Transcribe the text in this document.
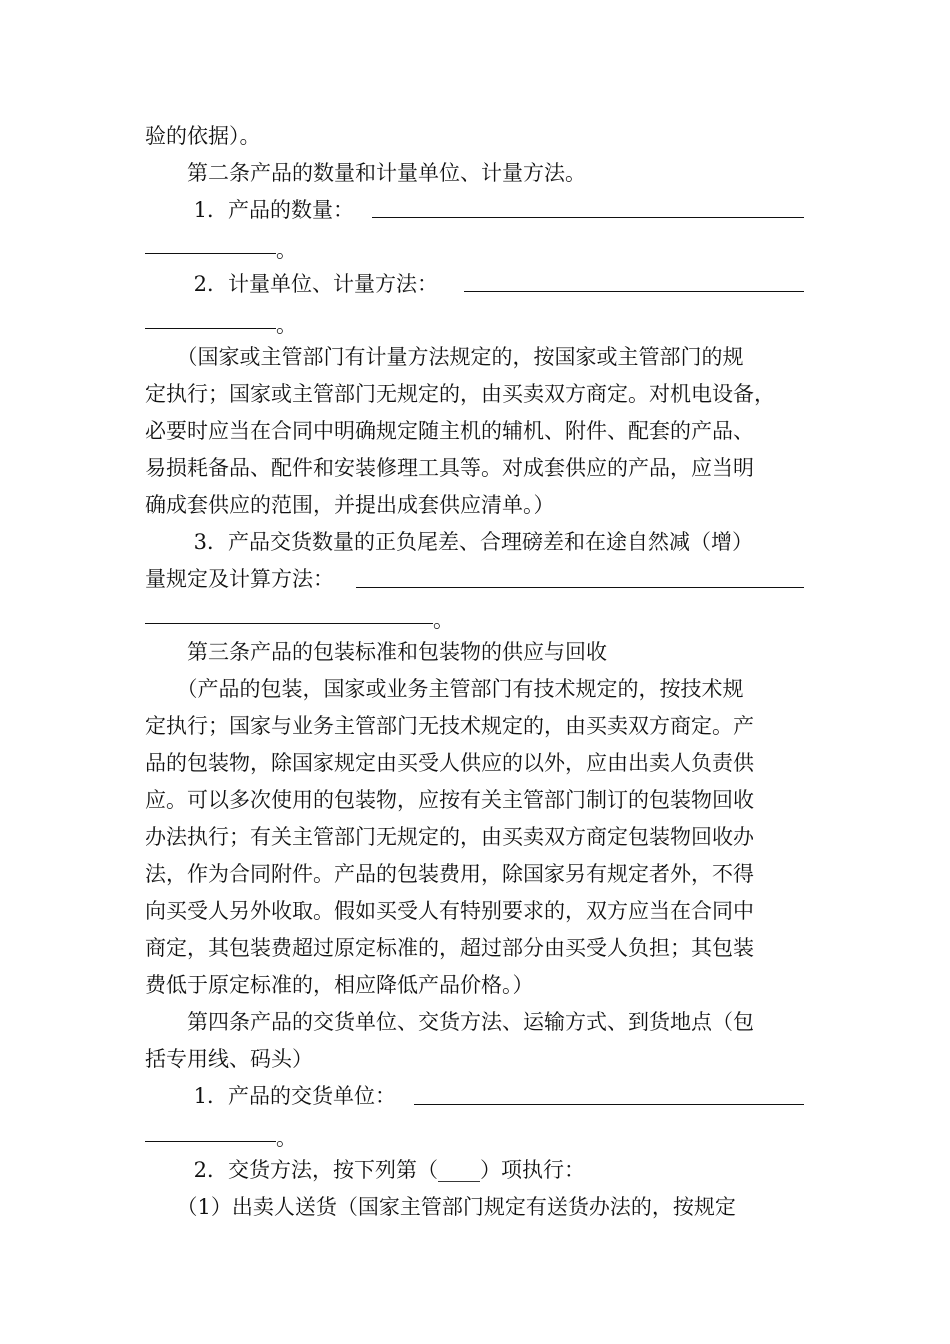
验的依据）。
　　第二条产品的数量和计量单位、计量方法。
　　 1．产品的数量：
。
　　 2．计量单位、计量方法：
。
　　（国家或主管部门有计量方法规定的，按国家或主管部门的规
定执行；国家或主管部门无规定的，由买卖双方商定。对机电设备，
必要时应当在合同中明确规定随主机的辅机、附件、配套的产品、
易损耗备品、配件和安装修理工具等。对成套供应的产品，应当明
确成套供应的范围，并提出成套供应清单。）
　　 3．产品交货数量的正负尾差、合理磅差和在途自然减（增）
量规定及计算方法：
。
　　第三条产品的包装标准和包装物的供应与回收
　　（产品的包装，国家或业务主管部门有技术规定的，按技术规
定执行；国家与业务主管部门无技术规定的，由买卖双方商定。产
品的包装物，除国家规定由买受人供应的以外，应由出卖人负责供
应。可以多次使用的包装物，应按有关主管部门制订的包装物回收
办法执行；有关主管部门无规定的，由买卖双方商定包装物回收办
法，作为合同附件。产品的包装费用，除国家另有规定者外，不得
向买受人另外收取。假如买受人有特别要求的，双方应当在合同中
商定，其包装费超过原定标准的，超过部分由买受人负担；其包装
费低于原定标准的，相应降低产品价格。）
　　第四条产品的交货单位、交货方法、运输方式、到货地点（包
括专用线、码头）
　　 1．产品的交货单位：
。
　　 2．交货方法，按下列第（____）项执行：
　　（1）出卖人送货（国家主管部门规定有送货办法的，按规定
